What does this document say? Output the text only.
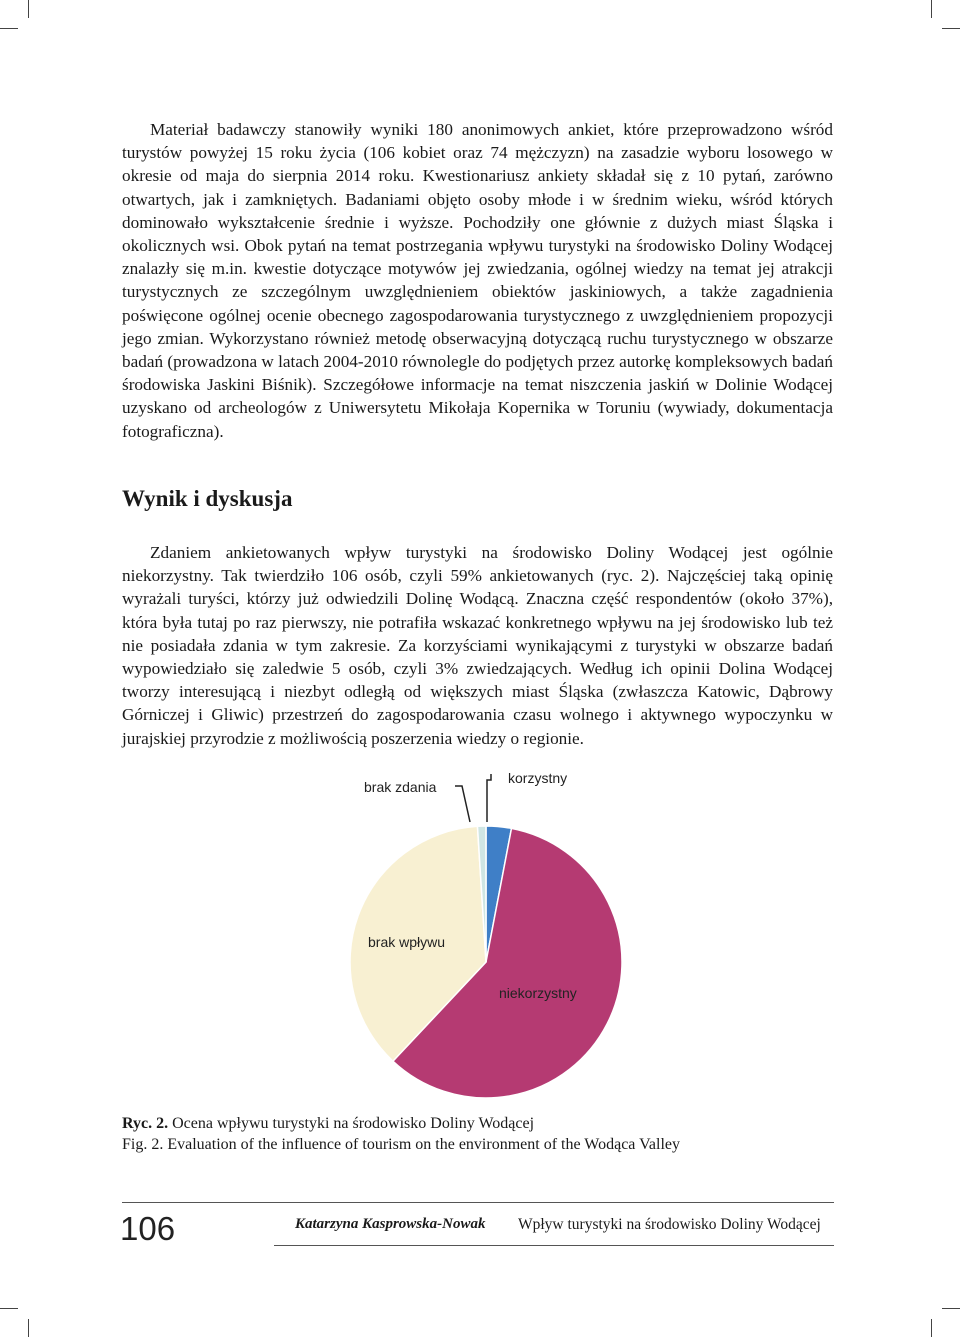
Materiał badawczy stanowiły wyniki 180 anonimowych ankiet, które przeprowadzono wśród turystów powyżej 15 roku życia (106 kobiet oraz 74 mężczyzn) na zasadzie wyboru losowego w okresie od maja do sierpnia 2014 roku. Kwestionariusz ankiety składał się z 10 pytań, zarówno otwartych, jak i zamkniętych. Badaniami objęto osoby młode i w średnim wieku, wśród których dominowało wykształcenie średnie i wyższe. Pochodziły one głównie z dużych miast Śląska i okolicznych wsi. Obok pytań na temat postrzegania wpływu turystyki na środowisko Doliny Wodącej znalazły się m.in. kwestie dotyczące motywów jej zwiedzania, ogólnej wiedzy na temat jej atrakcji turystycznych ze szczególnym uwzględnieniem obiektów jaskiniowych, a także zagadnienia poświęcone ogólnej ocenie obecnego zagospodarowania turystycznego z uwzględnieniem propozycji jego zmian. Wykorzystano również metodę obserwacyjną dotyczącą ruchu turystycznego w obszarze badań (prowadzona w latach 2004-2010 równolegle do podjętych przez autorkę kompleksowych badań środowiska Jaskini Biśnik). Szczegółowe informacje na temat niszczenia jaskiń w Dolinie Wodącej uzyskano od archeologów z Uniwersytetu Mikołaja Kopernika w Toruniu (wywiady, dokumentacja fotograficzna).

Wynik i dyskusja

Zdaniem ankietowanych wpływ turystyki na środowisko Doliny Wodącej jest ogólnie niekorzystny. Tak twierdziło 106 osób, czyli 59% ankietowanych (ryc. 2). Najczęściej taką opinię wyrażali turyści, którzy już odwiedzili Dolinę Wodącą. Znaczna część respondentów (około 37%), która była tutaj po raz pierwszy, nie potrafiła wskazać konkretnego wpływu na jej środowisko lub też nie posiadała zdania w tym zakresie. Za korzyściami wynikającymi z turystyki w obszarze badań wypowiedziało się zaledwie 5 osób, czyli 3% zwiedzających. Według ich opinii Dolina Wodącej tworzy interesującą i niezbyt odległą od większych miast Śląska (zwłaszcza Katowic, Dąbrowy Górniczej i Gliwic) przestrzeń do zagospodarowania czasu wolnego i aktywnego wypoczynku w jurajskiej przyrodzie z możliwością poszerzenia wiedzy o regionie.

korzystny
niekorzystny
brak wpływu
brak zdania

Ryc. 2. Ocena wpływu turystyki na środowisko Doliny Wodącej

Fig. 2. Evaluation of the influence of tourism on the environment of the Wodąca Valley

106	Katarzyna Kasprowska-Nowak Wpływ turystyki na środowisko Doliny Wodącej
